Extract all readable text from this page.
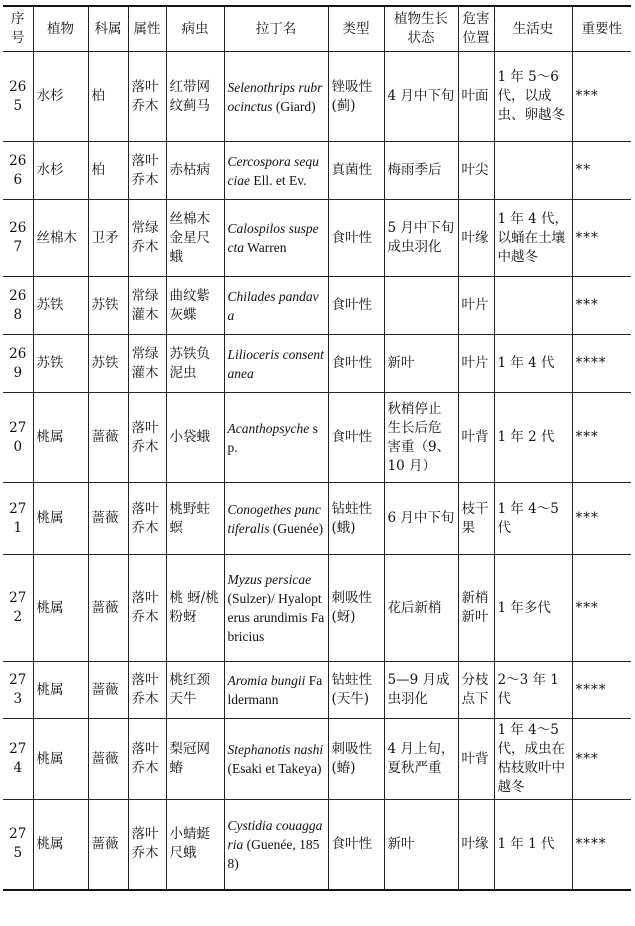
序号	植物	科属	属性	病虫	拉丁名	类型	植物生长状态	危害位置	生活史	重要性
265	水杉	柏	落叶乔木	红带网纹蓟马	Selenothrips rubrocinctus (Giard)	锉吸性(蓟)	4 月中下旬	叶面	1 年 5～6 代，以成虫、卵越冬	***
266	水杉	柏	落叶乔木	赤枯病	Cercospora sequciae Ell. et Ev.	真菌性	梅雨季后	叶尖		**
267	丝棉木	卫矛	常绿乔木	丝棉木金星尺蛾	Calospilos suspecta Warren	食叶性	5 月中下旬成虫羽化	叶缘	1 年 4 代，以蛹在土壤中越冬	***
268	苏铁	苏铁	常绿灌木	曲纹紫灰蝶	Chilades pandava	食叶性		叶片		***
269	苏铁	苏铁	常绿灌木	苏铁负泥虫	Lilioceris consentanea	食叶性	新叶	叶片	1 年 4 代	****
270	桃属	蔷薇	落叶乔木	小袋蛾	Acanthopsyche sp.	食叶性	秋梢停止生长后危害重（9、10 月）	叶背	1 年 2 代	***
271	桃属	蔷薇	落叶乔木	桃野蛀螟	Conogethes punctiferalis (Guenée)	钻蛀性(蛾)	6 月中下旬	枝干果	1 年 4～5 代	***
272	桃属	蔷薇	落叶乔木	桃 蚜/桃粉蚜	Myzus persicae (Sulzer)/ Hyalopterus arundimis Fabricius	刺吸性(蚜)	花后新梢	新梢新叶	1 年多代	***
273	桃属	蔷薇	落叶乔木	桃红颈天牛	Aromia bungii Faldermann	钻蛀性(天牛)	5—9 月成虫羽化	分枝点下	2～3 年 1 代	****
274	桃属	蔷薇	落叶乔木	梨冠网蝽	Stephanotis nashi (Esaki et Takeya)	刺吸性(蝽)	4 月上旬，夏秋严重	叶背	1 年 4～5 代，成虫在枯枝败叶中越冬	***
275	桃属	蔷薇	落叶乔木	小蜻蜓尺蛾	Cystidia couaggaria (Guenée, 1858)	食叶性	新叶	叶缘	1 年 1 代	****
